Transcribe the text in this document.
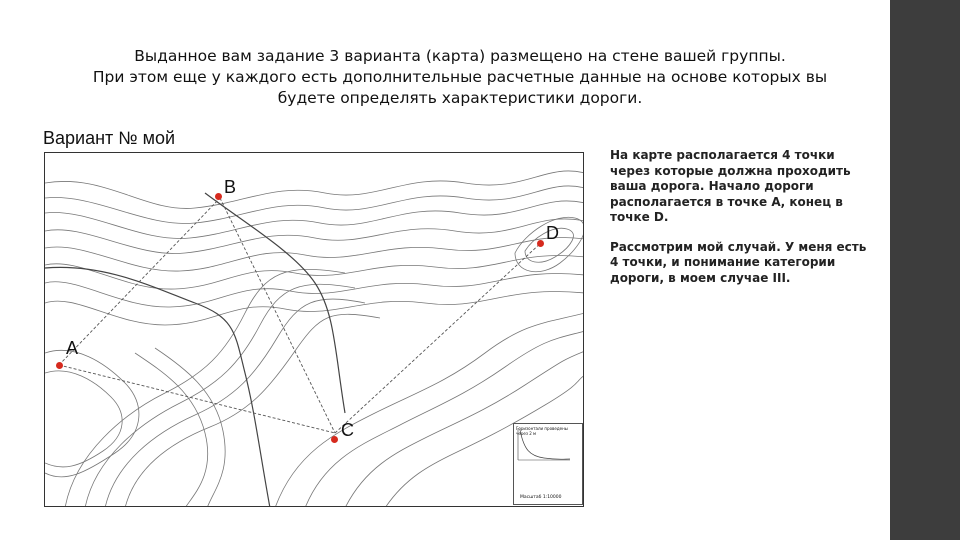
Выданное вам задание 3 варианта (карта) размещено на стене вашей группы.
При этом еще у каждого есть дополнительные расчетные данные на основе которых вы
будете определять характеристики дороги.
Вариант № мой
A
B
C
D
Горизонтали проведены через 2 м
Масштаб 1:10000

На карте располагается 4 точки через которые должна проходить ваша дорога. Начало дороги располагается в точке А, конец в точке D.

Рассмотрим мой случай. У меня есть 4 точки, и понимание категории дороги, в моем случае III.
